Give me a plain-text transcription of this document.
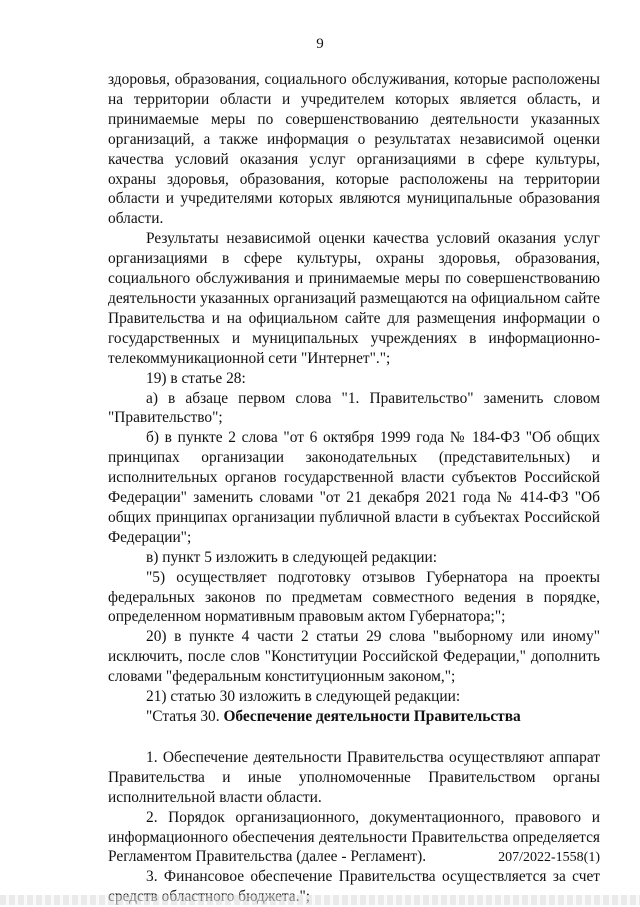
9

здоровья, образования, социального обслуживания, которые расположены на территории области и учредителем которых является область, и принимаемые меры по совершенствованию деятельности указанных организаций, а также информация о результатах независимой оценки качества условий оказания услуг организациями в сфере культуры, охраны здоровья, образования, которые расположены на территории области и учредителями которых являются муниципальные образования области.

Результаты независимой оценки качества условий оказания услуг организациями в сфере культуры, охраны здоровья, образования, социального обслуживания и принимаемые меры по совершенствованию деятельности указанных организаций размещаются на официальном сайте Правительства и на официальном сайте для размещения информации о государственных и муниципальных учреждениях в информационно-телекоммуникационной сети "Интернет".";

19) в статье 28:

а) в абзаце первом слова "1. Правительство" заменить словом "Правительство";

б) в пункте 2 слова "от 6 октября 1999 года № 184-ФЗ "Об общих принципах организации законодательных (представительных) и исполнительных органов государственной власти субъектов Российской Федерации" заменить словами "от 21 декабря 2021 года № 414-ФЗ "Об общих принципах организации публичной власти в субъектах Российской Федерации";

в) пункт 5 изложить в следующей редакции:

"5) осуществляет подготовку отзывов Губернатора на проекты федеральных законов по предметам совместного ведения в порядке, определенном нормативным правовым актом Губернатора;";

20) в пункте 4 части 2 статьи 29 слова "выборному или иному" исключить, после слов "Конституции Российской Федерации," дополнить словами "федеральным конституционным законом,";

21) статью 30 изложить в следующей редакции:

"Статья 30. Обеспечение деятельности Правительства

1. Обеспечение деятельности Правительства осуществляют аппарат Правительства и иные уполномоченные Правительством органы исполнительной власти области.

2. Порядок организационного, документационного, правового и информационного обеспечения деятельности Правительства определяется Регламентом Правительства (далее - Регламент).

3. Финансовое обеспечение Правительства осуществляется за счет

207/2022-1558(1)
